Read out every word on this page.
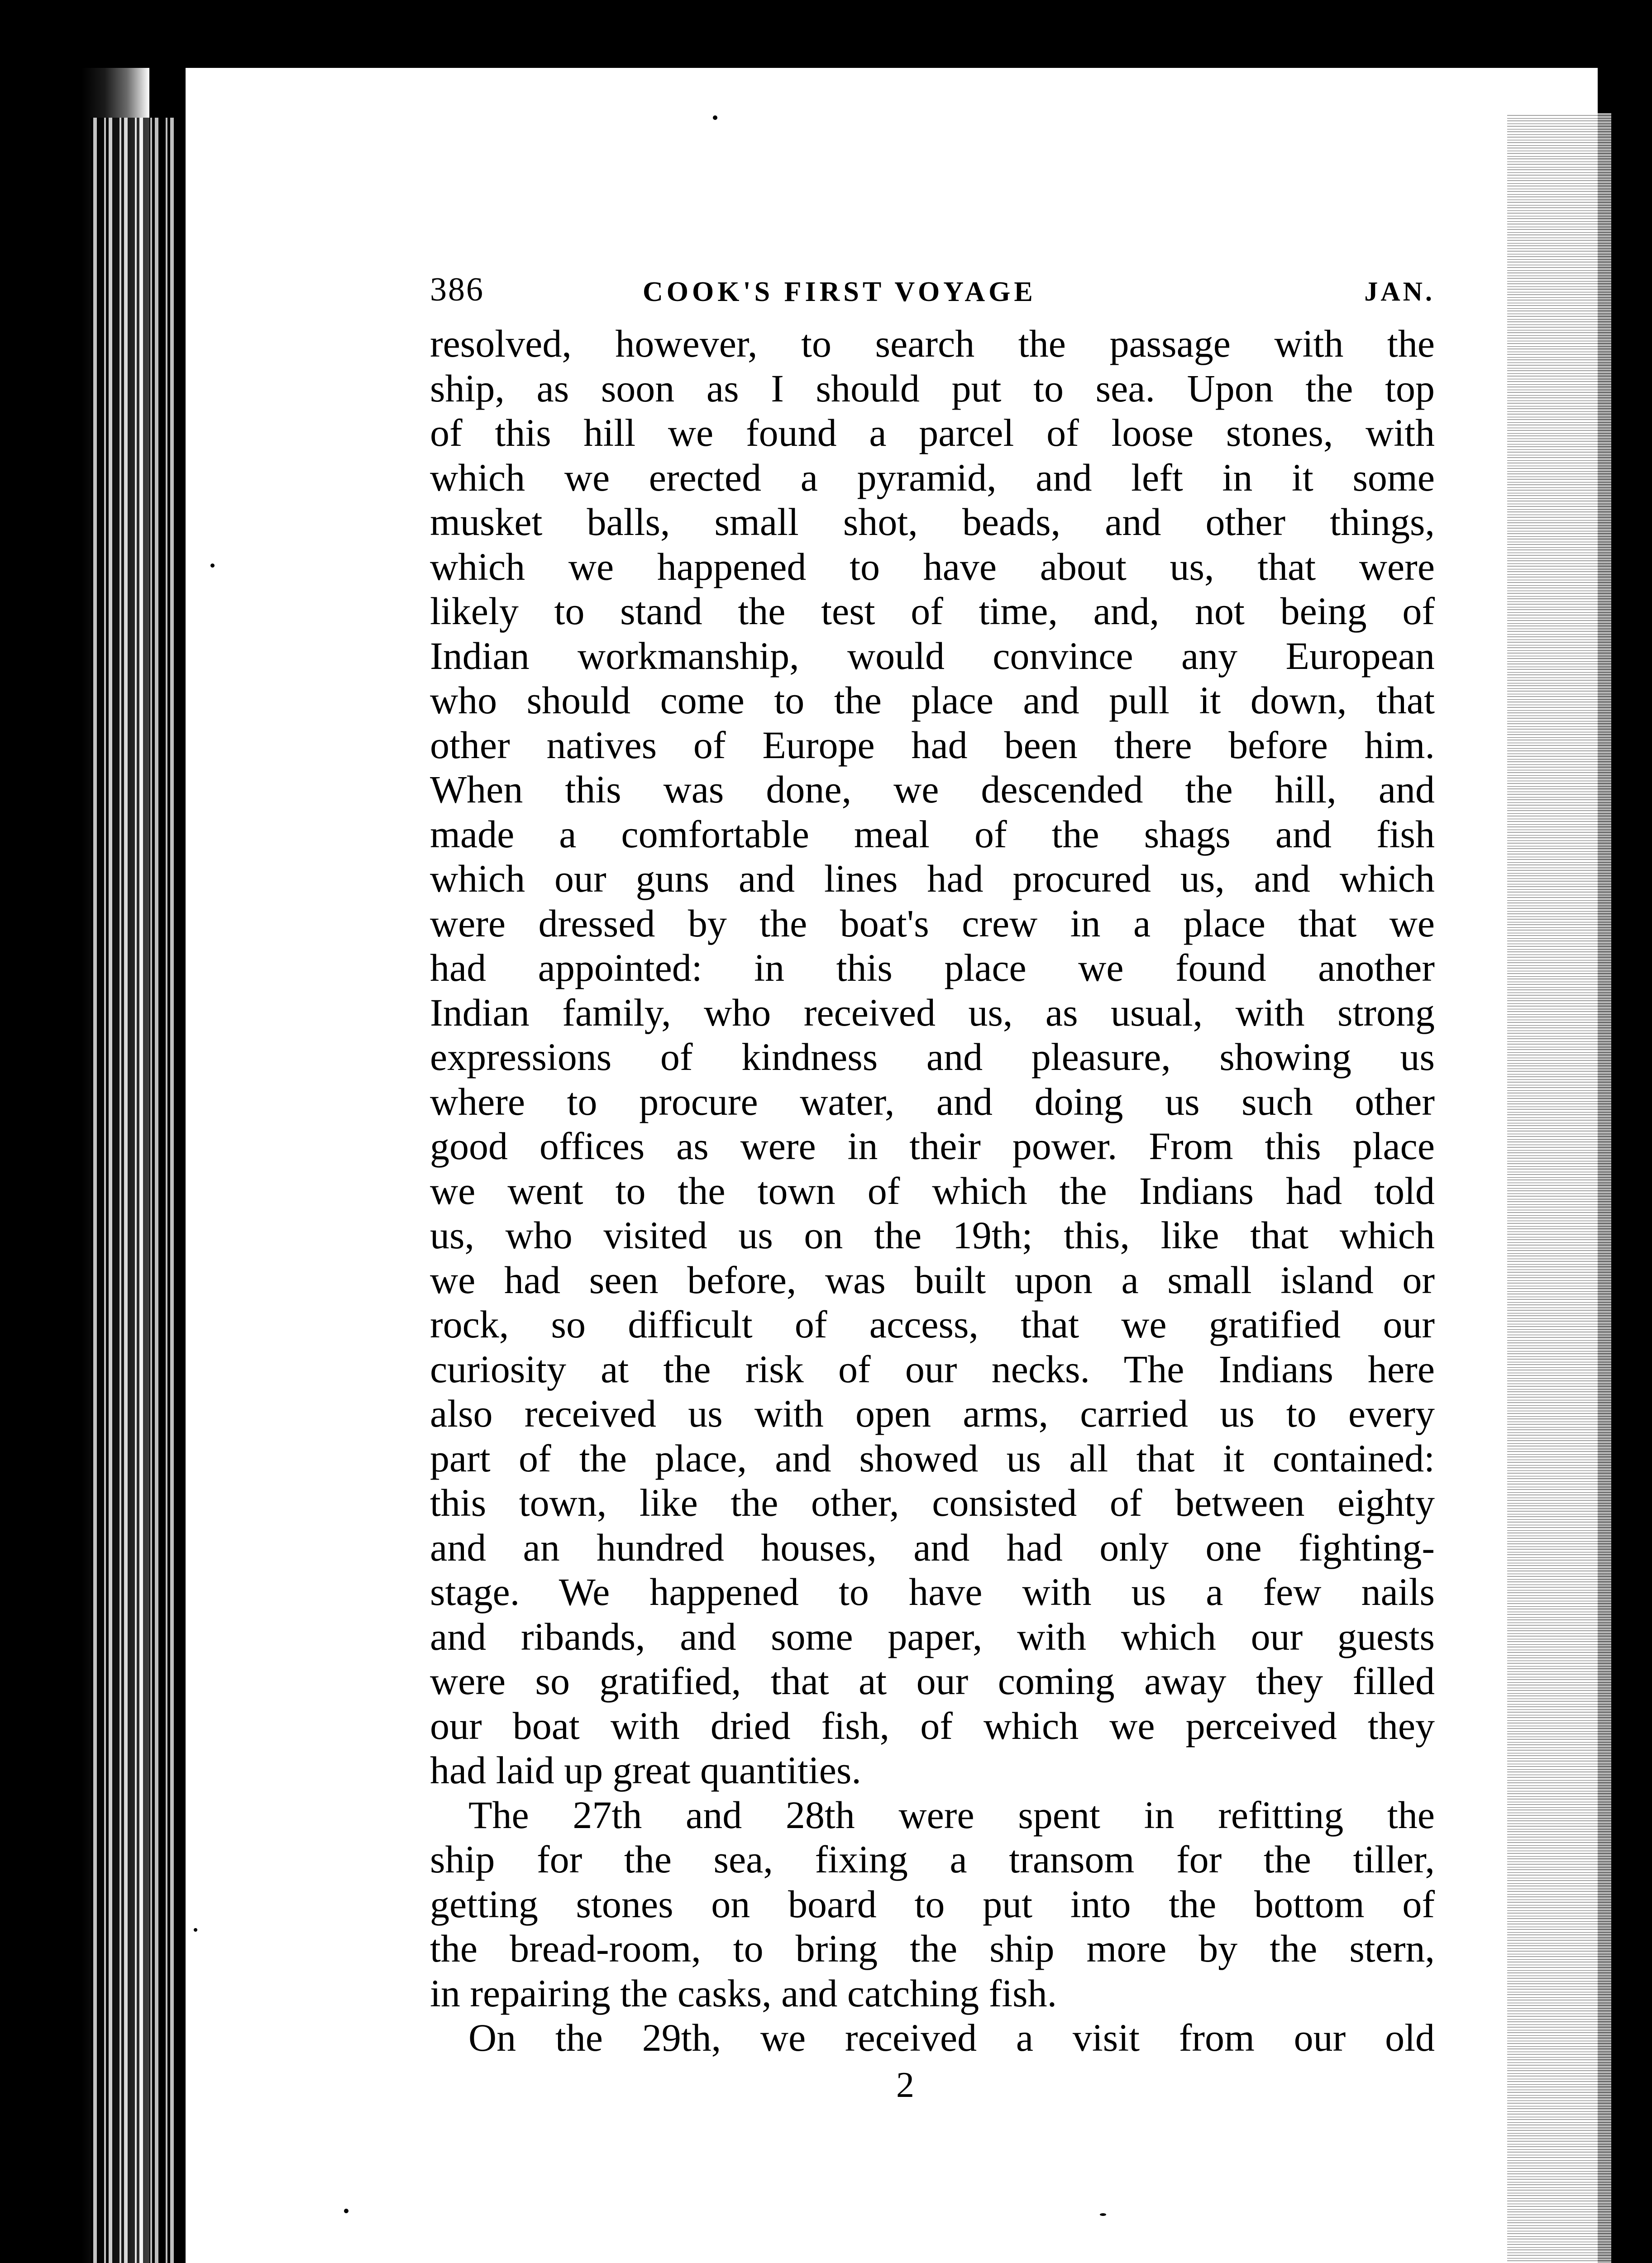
386	COOK'S FIRST VOYAGE	JAN.
resolved, however, to search the passage with the
ship, as soon as I should put to sea. Upon the top
of this hill we found a parcel of loose stones, with
which we erected a pyramid, and left in it some
musket balls, small shot, beads, and other things,
which we happened to have about us, that were
likely to stand the test of time, and, not being of
Indian workmanship, would convince any European
who should come to the place and pull it down, that
other natives of Europe had been there before him.
When this was done, we descended the hill, and
made a comfortable meal of the shags and fish
which our guns and lines had procured us, and which
were dressed by the boat's crew in a place that we
had appointed: in this place we found another
Indian family, who received us, as usual, with strong
expressions of kindness and pleasure, showing us
where to procure water, and doing us such other
good offices as were in their power. From this place
we went to the town of which the Indians had told
us, who visited us on the 19th; this, like that which
we had seen before, was built upon a small island or
rock, so difficult of access, that we gratified our
curiosity at the risk of our necks. The Indians here
also received us with open arms, carried us to every
part of the place, and showed us all that it contained:
this town, like the other, consisted of between eighty
and an hundred houses, and had only one fighting-
stage. We happened to have with us a few nails
and ribands, and some paper, with which our guests
were so gratified, that at our coming away they filled
our boat with dried fish, of which we perceived they
had laid up great quantities.
The 27th and 28th were spent in refitting the
ship for the sea, fixing a transom for the tiller,
getting stones on board to put into the bottom of
the bread-room, to bring the ship more by the stern,
in repairing the casks, and catching fish.
On the 29th, we received a visit from our old
2
